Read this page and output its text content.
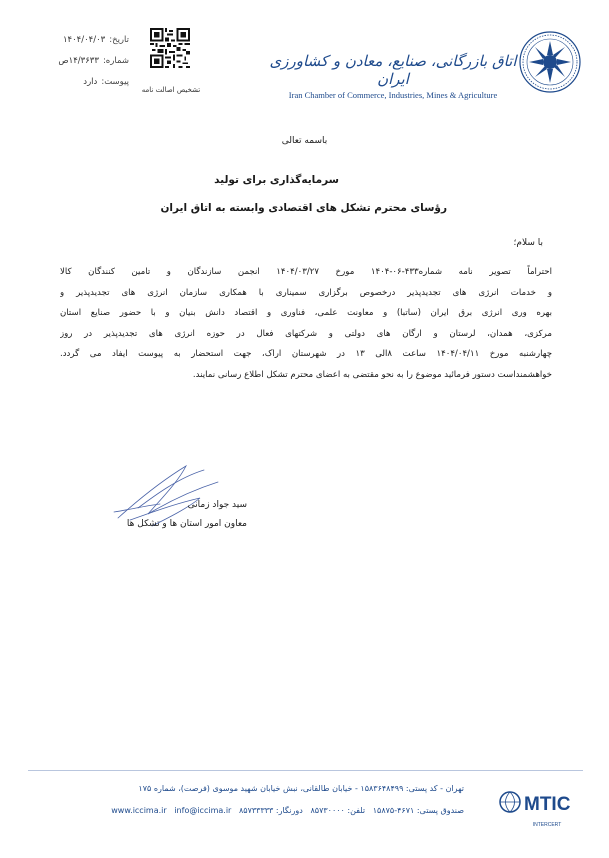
تاریخ:
۱۴۰۴/۰۴/۰۳
شماره:
۱۴/۳۶۳۳ص
پیوست:
دارد
تشخیص اصالت نامه
اتاق بازرگانی، صنایع، معادن و کشاورزی ایران
Iran Chamber of Commerce, Industries, Mines & Agriculture
باسمه تعالی
سرمایه‌گذاری برای تولید
رؤسای محترم تشکل های اقتصادی وابسته به اتاق ایران
با سلام؛
احتراماً تصویر نامه شماره۴۳۳-۰۶-۱۴۰۴ مورخ ۱۴۰۴/۰۳/۲۷ انجمن سازندگان و تامین کنندگان کالا
و خدمات انرژی های تجدیدپذیر درخصوص برگزاری سمیناری با همکاری سازمان انرژی های تجدیدپذیر و
بهره وری انرژی برق ایران (ساتبا) و معاونت علمی، فناوری و اقتصاد دانش بنیان و با حضور صنایع استان
مرکزی، همدان، لرستان و ارگان های دولتی و شرکتهای فعال در حوزه انرژی های تجدیدپذیر در روز
چهارشنبه مورخ ۱۴۰۴/۰۴/۱۱ ساعت ۸الی ۱۳ در شهرستان اراک، جهت استحضار به پیوست ایفاد می گردد.
خواهشمنداست دستور فرمائید موضوع را به نحو مقتضی به اعضای محترم تشکل اطلاع رسانی نمایند.
سید جواد زمانی
معاون امور استان ها و تشکل ها
تهران - کد پستی: ۱۵۸۳۶۴۸۴۹۹ - خیابان طالقانی، نبش خیابان شهید موسوی (فرصت)، شماره ۱۷۵
صندوق پستی: ۴۶۷۱-۱۵۸۷۵   تلفن: ۸۵۷۳۰۰۰۰   دورنگار: ۸۵۷۳۳۳۳۳   info@iccima.ir   www.iccima.ir	MTIC
INTERCERT
